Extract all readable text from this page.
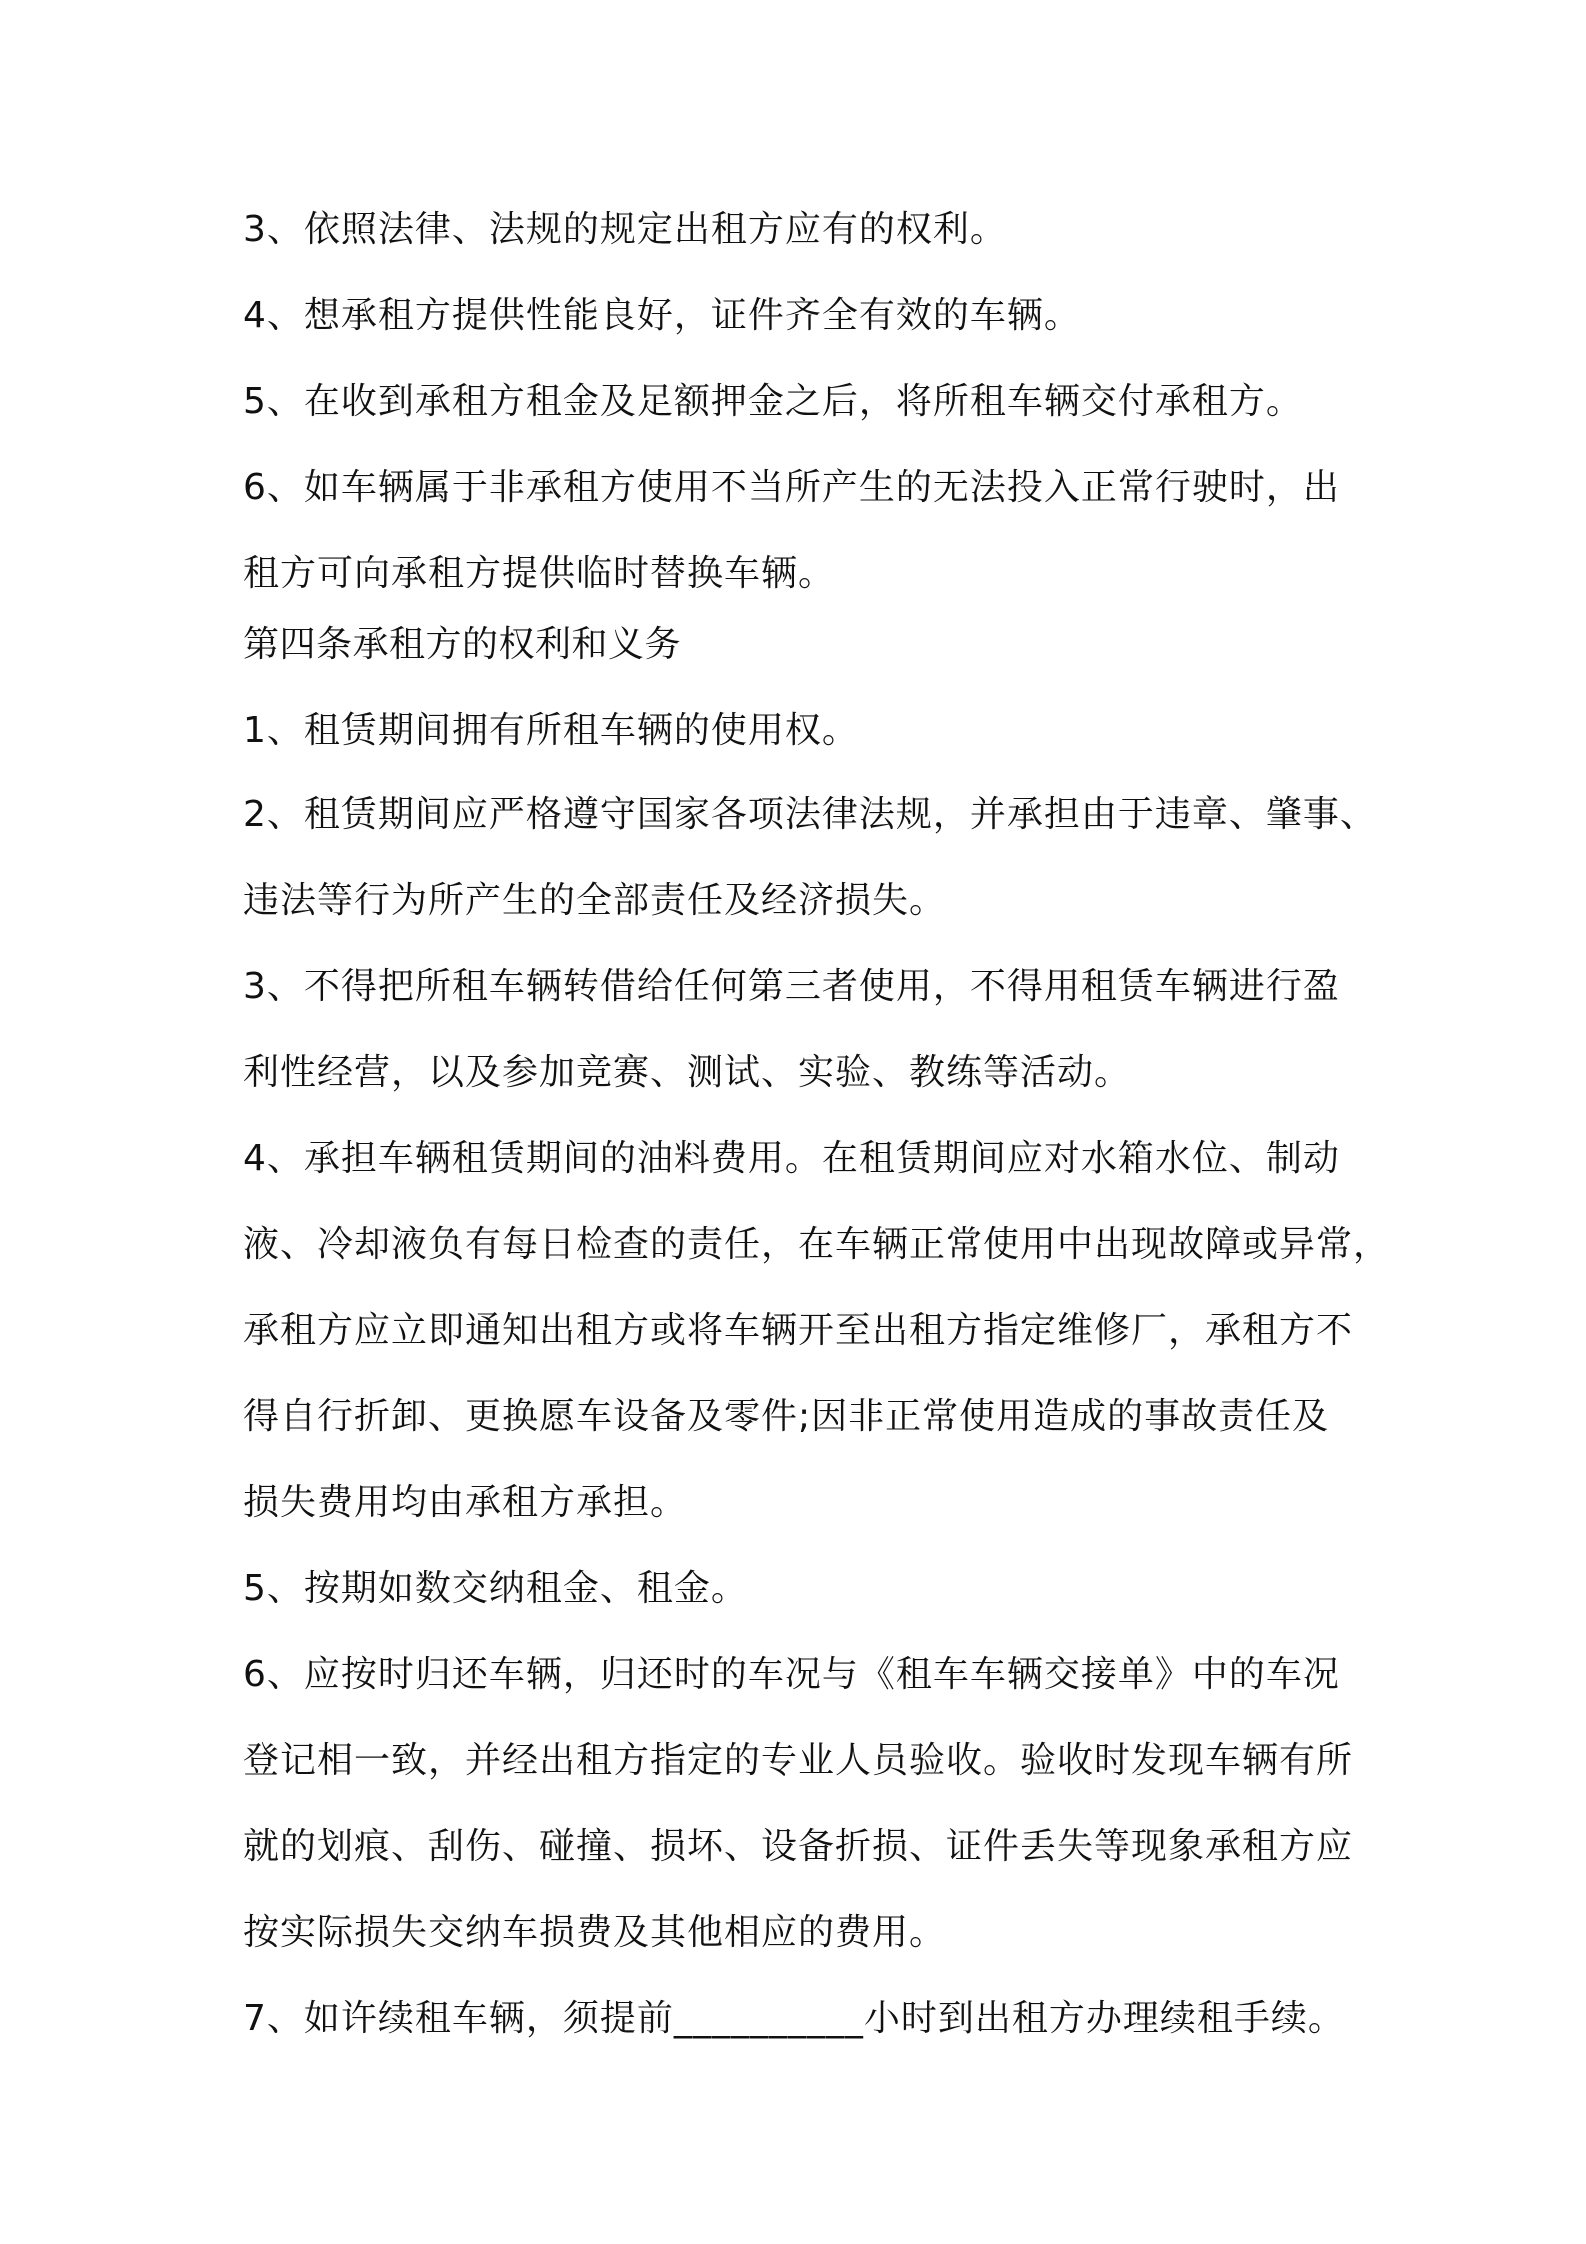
3、依照法律、法规的规定出租方应有的权利。
4、想承租方提供性能良好，证件齐全有效的车辆。
5、在收到承租方租金及足额押金之后，将所租车辆交付承租方。
6、如车辆属于非承租方使用不当所产生的无法投入正常行驶时，出
租方可向承租方提供临时替换车辆。
第四条承租方的权利和义务
1、租赁期间拥有所租车辆的使用权。
2、租赁期间应严格遵守国家各项法律法规，并承担由于违章、肇事、
违法等行为所产生的全部责任及经济损失。
3、不得把所租车辆转借给任何第三者使用，不得用租赁车辆进行盈
利性经营，以及参加竞赛、测试、实验、教练等活动。
4、承担车辆租赁期间的油料费用。在租赁期间应对水箱水位、制动
液、冷却液负有每日检查的责任，在车辆正常使用中出现故障或异常，
承租方应立即通知出租方或将车辆开至出租方指定维修厂，承租方不
得自行折卸、更换愿车设备及零件;因非正常使用造成的事故责任及
损失费用均由承租方承担。
5、按期如数交纳租金、租金。
6、应按时归还车辆，归还时的车况与《租车车辆交接单》中的车况
登记相一致，并经出租方指定的专业人员验收。验收时发现车辆有所
就的划痕、刮伤、碰撞、损坏、设备折损、证件丢失等现象承租方应
按实际损失交纳车损费及其他相应的费用。
7、如许续租车辆，须提前__________小时到出租方办理续租手续。
